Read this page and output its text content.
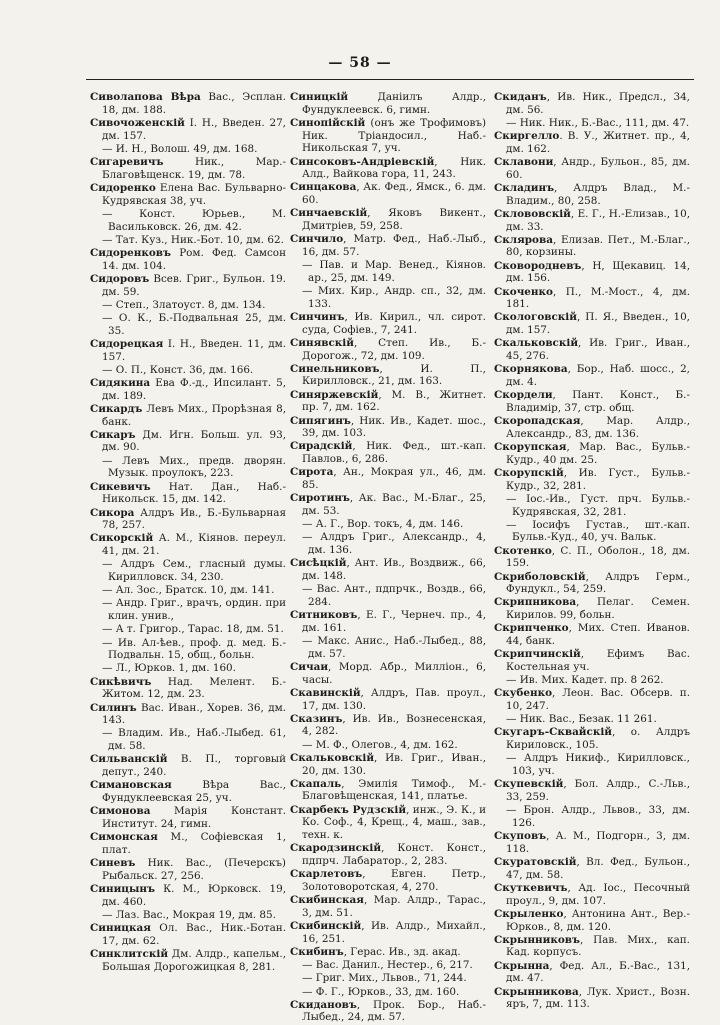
— 58 —
Сиволапова Вѣра Вас., Эсплан. 18, дм. 188.
Сивочоженскій І. Н., Введен. 27, дм. 157.
— И. Н., Волош. 49, дм. 168.
Сигаревичъ Ник., Мар.-Благовѣщенск. 19, дм. 78.
Сидоренко Елена Вас. Бульварно-Кудрявская 38, уч.
— Конст. Юрьев., М. Васильковск. 26, дм. 42.
— Тат. Куз., Ник.-Бот. 10, дм. 62.
Сидоренковъ Ром. Фед. Самсон 14. дм. 104.
Сидоровъ Всев. Григ., Бульон. 19. дм. 59.
— Степ., Златоуст. 8, дм. 134.
— О. К., Б.-Подвальная 25, дм. 35.
Сидорецкая І. Н., Введен. 11, дм. 157.
— О. П., Конст. 36, дм. 166.
Сидякина Ева Ф.-д., Ипсилант. 5, дм. 189.
Сикардъ Левъ Мих., Прорѣзная 8, банк.
Сикаръ Дм. Игн. Больш. ул. 93, дм. 90.
— Левъ Мих., предв. дворян. Музык. проулокъ, 223.
Сикевичъ Нат. Дан., Наб.-Никольск. 15, дм. 142.
Сикора Алдръ Ив., Б.-Бульварная 78, 257.
Сикорскій А. М., Кіянов. переул. 41, дм. 21.
— Алдръ Сем., гласный думы. Кирилловск. 34, 230.
— Ал. Зос., Братск. 10, дм. 141.
— Андр. Григ., врачъ, ордин. при клин. унив.,
— А т. Григор., Тарас. 18, дм. 51.
— Ив. Ал-ѣев., проф. д. мед. Б.-Подвальн. 15, общ., больн.
— Л., Юрков. 1, дм. 160.
Сикѣвичъ Над. Мелент. Б.-Житом. 12, дм. 23.
Силинъ Вас. Иван., Хорев. 36, дм. 143.
— Владим. Ив., Наб.-Лыбед. 61, дм. 58.
Сильванскій В. П., торговый депут., 240.
Симановская Вѣра Вас., Фундуклеевская 25, уч.
Симонова Марія Констант. Институт. 24, гимн.
Симонская М., Софіевская 1, плат.
Синевъ Ник. Вас., (Печерскъ) Рыбальск. 27, 256.
Синицынъ К. М., Юрковск. 19, дм. 460.
— Лаз. Вас., Мокрая 19, дм. 85.
Синицкая Ол. Вас., Ник.-Ботан. 17, дм. 62.
Синклитскій Дм. Алдр., капельм., Большая Дорогожицкая 8, 281.
Синицкій Даніилъ Алдр., Фундуклеевск. 6, гимн.
Синопійскій (онъ же Трофимовъ) Ник. Тріандосил., Наб.-Никольская 7, уч.
Синсоковъ-Андріевскій, Ник. Алд., Вайкова гора, 11, 243.
Синцакова, Ак. Фед., Ямск., 6. дм. 60.
Синчаевскій, Яковъ Викент., Дмитріев, 59, 258.
Синчило, Матр. Фед., Наб.-Лыб., 16, дм. 57.
— Пав. и Мар. Венед., Кіянов. ар., 25, дм. 149.
— Мих. Кир., Андр. сп., 32, дм. 133.
Синчинъ, Ив. Кирил., чл. сирот. суда, Софіев., 7, 241.
Синявскій, Степ. Ив., Б.-Дорогож., 72, дм. 109.
Синельниковъ, И. П., Кирилловск., 21, дм. 163.
Синяржевскій, М. В., Житнет. пр. 7, дм. 162.
Сипягинъ, Ник. Ив., Кадет. шос., 39, дм. 103.
Сирадскій, Ник. Фед., шт.-кап. Павлов., 6, 286.
Сирота, Ан., Мокрая ул., 46, дм. 85.
Сиротинъ, Ак. Вас., М.-Благ., 25, дм. 53.
— А. Г., Вор. токъ, 4, дм. 146.
— Алдръ Григ., Александр., 4, дм. 136.
Сисѣцкій, Ант. Ив., Воздвиж., 66, дм. 148.
— Вас. Ант., пдпрчк., Воздв., 66, 284.
Ситниковъ, Е. Г., Чернеч. пр., 4, дм. 161.
— Макс. Анис., Наб.-Лыбед., 88, дм. 57.
Сичаи, Морд. Абр., Милліон., 6, часы.
Скавинскій, Алдръ, Пав. проул., 17, дм. 130.
Сказинъ, Ив. Ив., Вознесенская, 4, 282.
— М. Ф., Олегов., 4, дм. 162.
Скальковскій, Ив. Григ., Иван., 20, дм. 130.
Скапаль, Эмилія Тимоф., М.-Благовѣщенская, 141, платье.
Скарбекъ Рудзскій, инж., Э. К., и Ко. Соф., 4, Крещ., 4, маш., зав., техн. к.
Скародзинскій, Конст. Конст., пдпрч. Лабаратор., 2, 283.
Скарлетовъ, Евген. Петр., Золотоворотская, 4, 270.
Скибинская, Мар. Алдр., Тарас., 3, дм. 51.
Скибинскій, Ив. Алдр., Михайл., 16, 251.
Скибинъ, Герас. Ив., зд. акад.
— Вас. Данил., Нестер., 6, 217.
— Григ. Мих., Львов., 71, 244.
— Ф. Г., Юрков., 33, дм. 160.
Скидановъ, Прок. Бор., Наб.-Лыбед., 24, дм. 57.
Скиданъ, Ив. Ник., Предсл., 34, дм. 56.
— Ник. Ник., Б.-Вас., 111, дм. 47.
Скиргелло. В. У., Житнет. пр., 4, дм. 162.
Склавони, Андр., Бульон., 85, дм. 60.
Складинъ, Алдръ Влад., М.-Владим., 80, 258.
Склововскій, Е. Г., Н.-Елизав., 10, дм. 33.
Склярова, Елизав. Пет., М.-Благ., 80, корзины.
Сковородневъ, Н, Щекавиц. 14, дм. 156.
Скоченко, П., М.-Мост., 4, дм. 181.
Скологовскій, П. Я., Введен., 10, дм. 157.
Скальковскій, Ив. Григ., Иван., 45, 276.
Скорнякова, Бор., Наб. шосс., 2, дм. 4.
Скордели, Пант. Конст., Б.-Владимір, 37, стр. общ.
Скоропадская, Мар. Алдр., Александр., 83, дм. 136.
Скорупская, Мар. Вас., Бульв.-Кудр., 40 дм. 25.
Скорупскій, Ив. Густ., Бульв.-Кудр., 32, 281.
— Іос.-Ив., Густ. прч. Бульв.-Кудрявская, 32, 281.
— Іосифъ Густав., шт.-кап. Бульв.-Куд., 40, уч. Вальк.
Скотенко, С. П., Оболон., 18, дм. 159.
Скриболовскій, Алдръ Герм., Фундукл., 54, 259.
Скрипникова, Пелаг. Семен. Кирилов. 99, больн.
Скрипченко, Мих. Степ. Иванов. 44, банк.
Скрипчинскій, Ефимъ Вас. Костельная уч.
— Ив. Мих. Кадет. пр. 8 262.
Скубенко, Леон. Вас. Обсерв. п. 10, 247.
— Ник. Вас., Безак. 11 261.
Скугаръ-Сквайскій, о. Алдръ Кириловск., 105.
— Алдръ Никиф., Кирилловск., 103, уч.
Скупевскій, Бол. Алдр., С.-Льв., 33, 259.
— Брон. Алдр., Львов., 33, дм. 126.
Скуповъ, А. М., Подгорн., 3, дм. 118.
Скуратовскій, Вл. Фед., Бульон., 47, дм. 58.
Скуткевичъ, Ад. Іос., Песочный проул., 9, дм. 107.
Скрыленко, Антонина Ант., Вер.-Юрков., 8, дм. 120.
Скрынниковъ, Пав. Мих., кап. Кад. корпусъ.
Скрынна, Фед. Ал., Б.-Вас., 131, дм. 47.
Скрынникова, Лук. Христ., Возн. яръ, 7, дм. 113.
